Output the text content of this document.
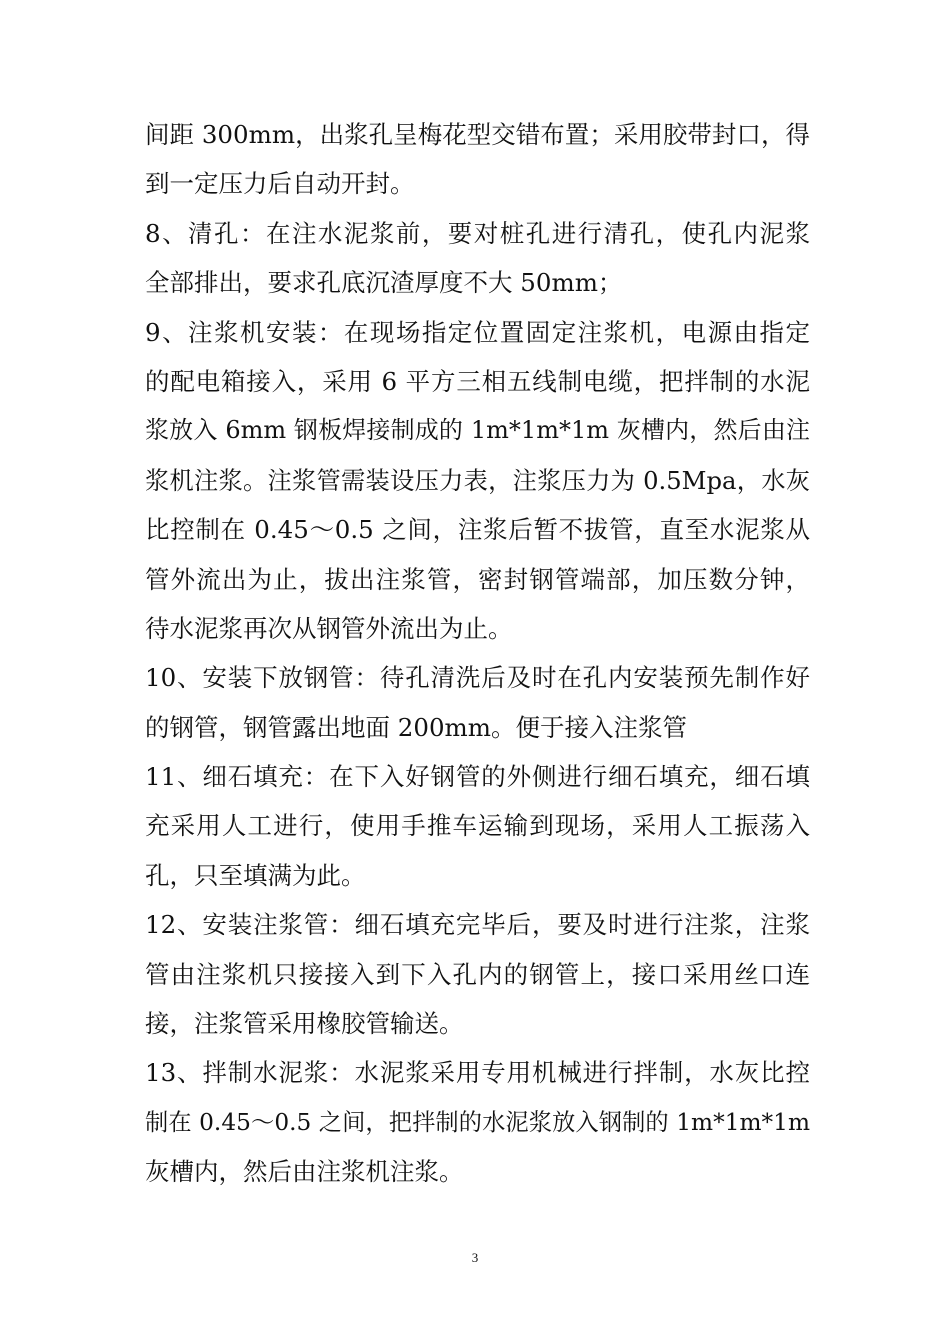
间距 300mm，出浆孔呈梅花型交错布置；采用胶带封口，得
到一定压力后自动开封。
8、清孔：在注水泥浆前，要对桩孔进行清孔，使孔内泥浆
全部排出，要求孔底沉渣厚度不大 50mm；
9、注浆机安装：在现场指定位置固定注浆机，电源由指定
的配电箱接入，采用 6 平方三相五线制电缆，把拌制的水泥
浆放入 6mm 钢板焊接制成的 1m*1m*1m 灰槽内，然后由注
浆机注浆。注浆管需装设压力表，注浆压力为 0.5Mpa，水灰
比控制在 0.45～0.5 之间，注浆后暂不拔管，直至水泥浆从
管外流出为止，拔出注浆管，密封钢管端部，加压数分钟，
待水泥浆再次从钢管外流出为止。
10、安装下放钢管：待孔清洗后及时在孔内安装预先制作好
的钢管，钢管露出地面 200mm。便于接入注浆管
11、细石填充：在下入好钢管的外侧进行细石填充，细石填
充采用人工进行，使用手推车运输到现场，采用人工振荡入
孔，只至填满为此。
12、安装注浆管：细石填充完毕后，要及时进行注浆，注浆
管由注浆机只接接入到下入孔内的钢管上，接口采用丝口连
接，注浆管采用橡胶管输送。
13、拌制水泥浆：水泥浆采用专用机械进行拌制，水灰比控
制在 0.45～0.5 之间，把拌制的水泥浆放入钢制的 1m*1m*1m
灰槽内，然后由注浆机注浆。
3
